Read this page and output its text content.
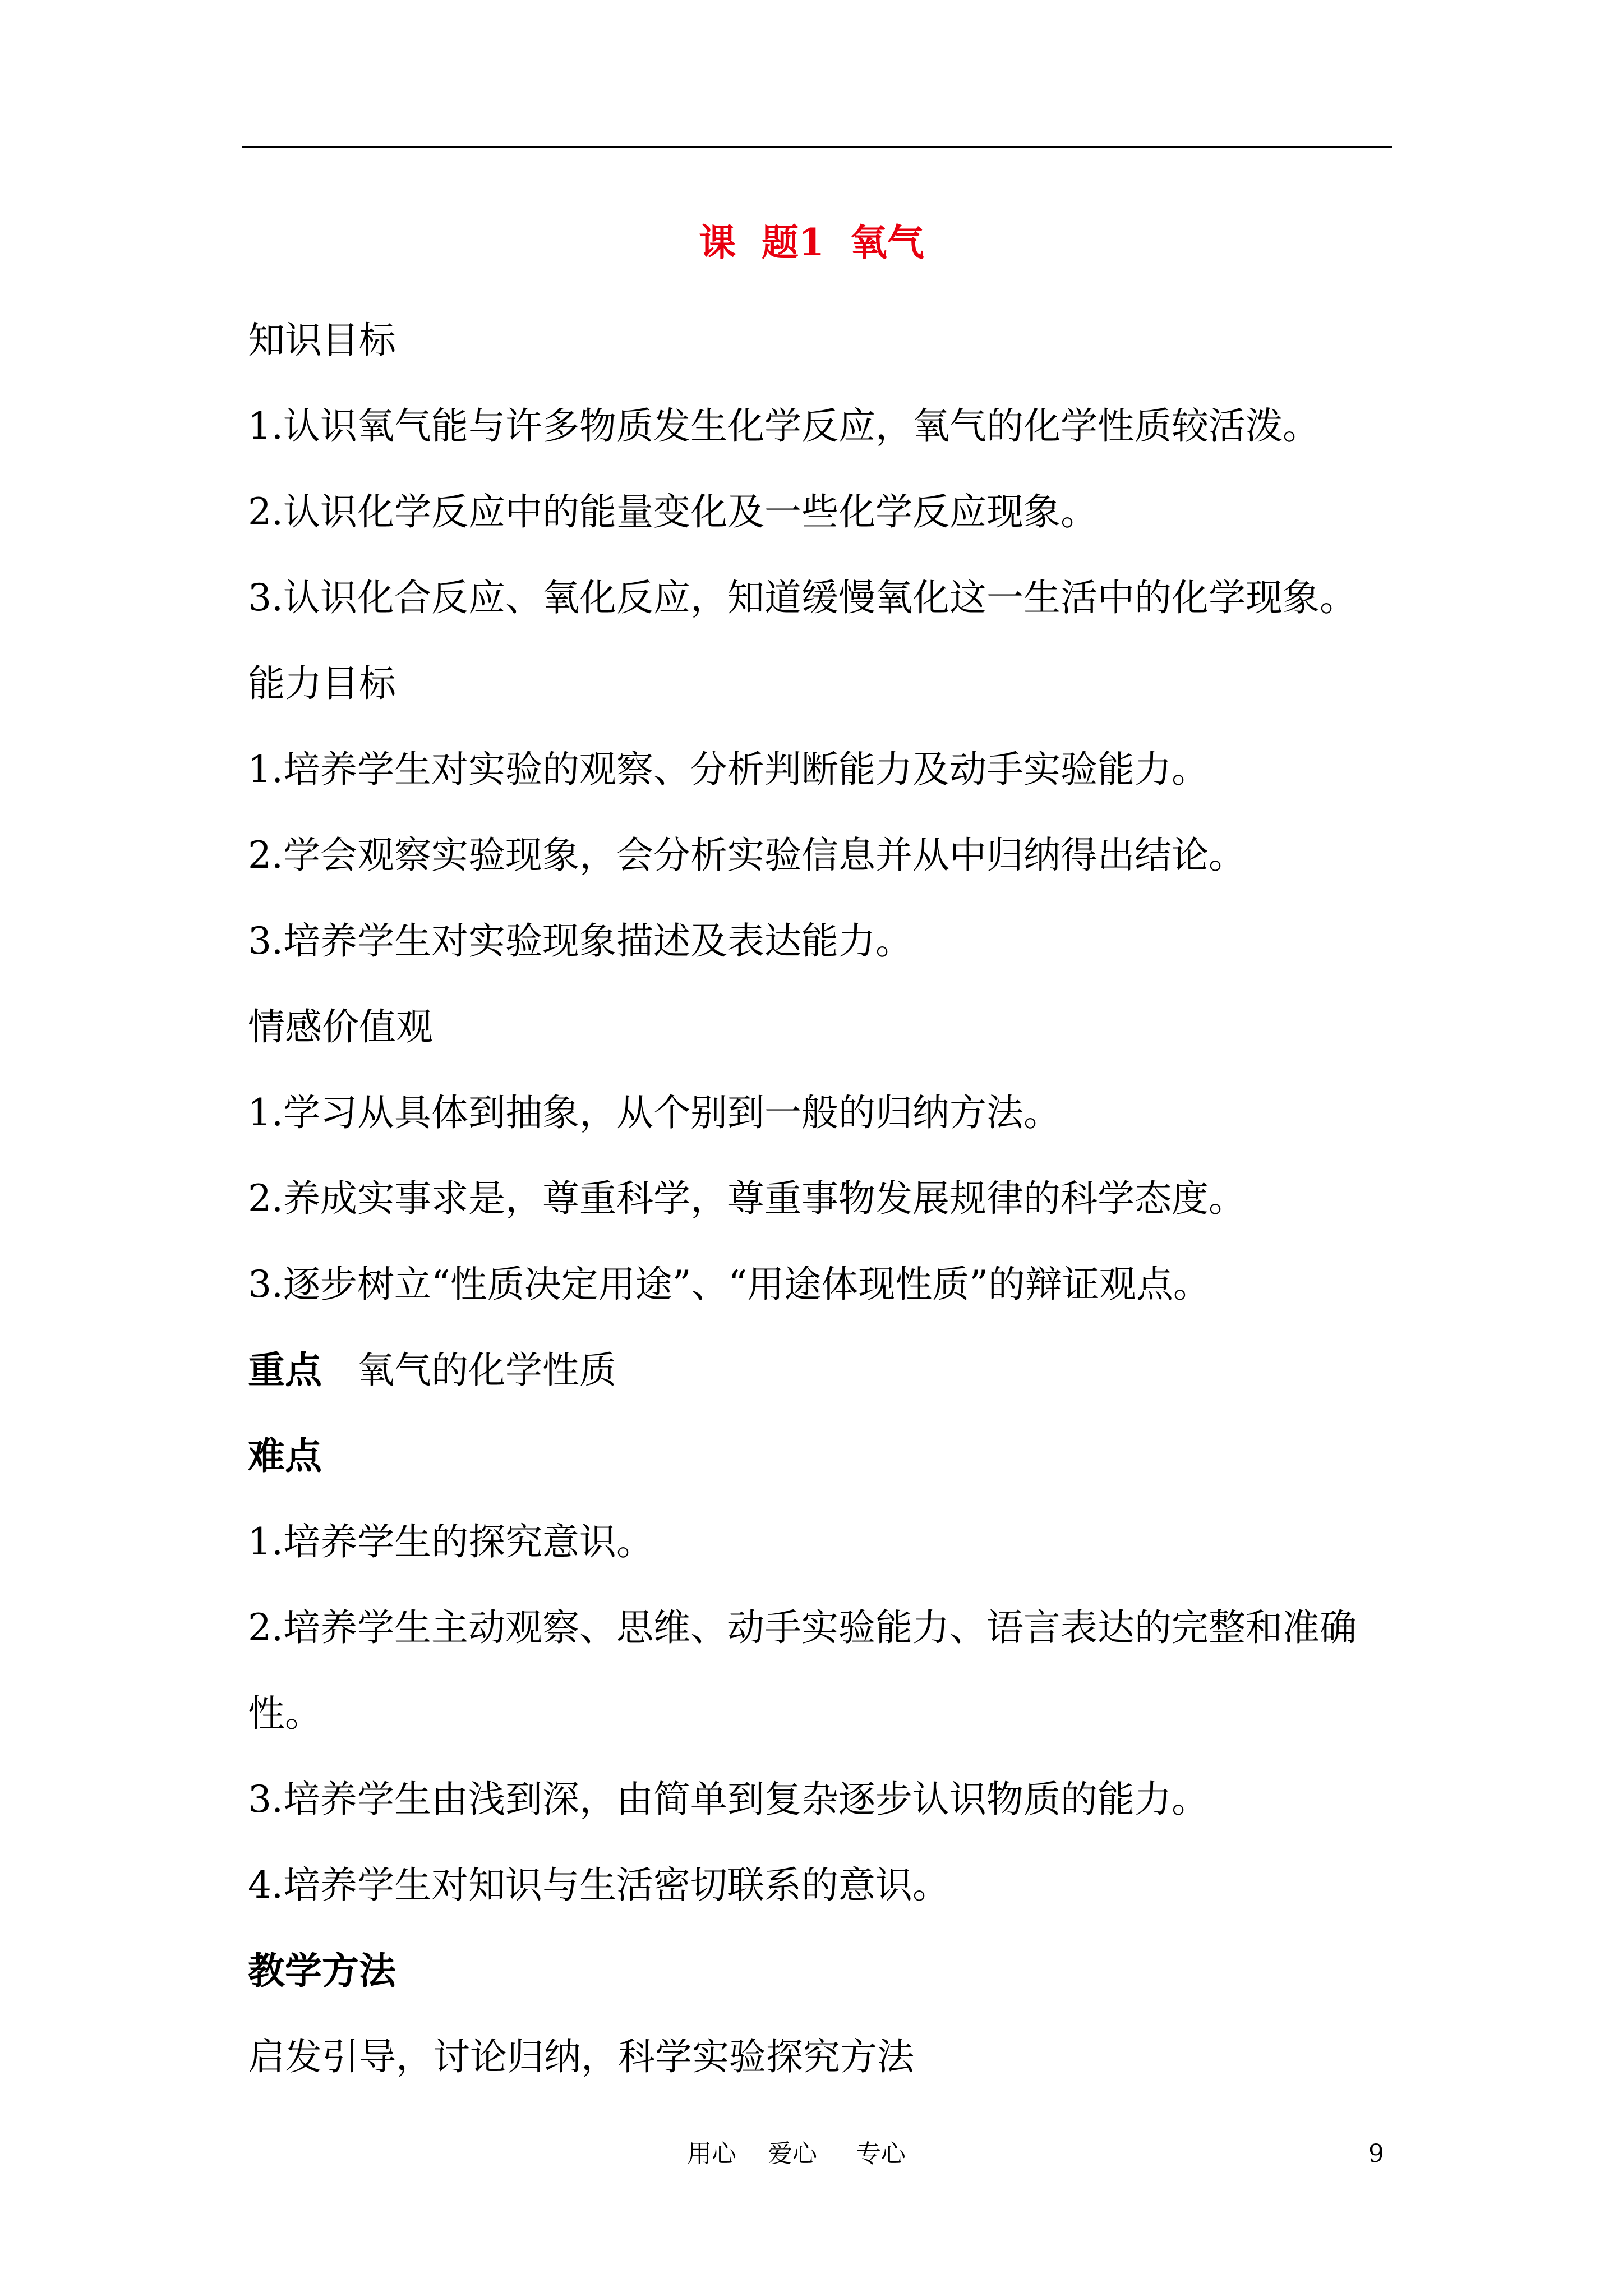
课  题1  氧气
知识目标
1.认识氧气能与许多物质发生化学反应，氧气的化学性质较活泼。
2.认识化学反应中的能量变化及一些化学反应现象。
3.认识化合反应、氧化反应，知道缓慢氧化这一生活中的化学现象。
能力目标
1.培养学生对实验的观察、分析判断能力及动手实验能力。
2.学会观察实验现象，会分析实验信息并从中归纳得出结论。
3.培养学生对实验现象描述及表达能力。
情感价值观
1.学习从具体到抽象，从个别到一般的归纳方法。
2.养成实事求是，尊重科学，尊重事物发展规律的科学态度。
3.逐步树立“性质决定用途”、“用途体现性质”的辩证观点。
重点 氧气的化学性质
难点
1.培养学生的探究意识。
2.培养学生主动观察、思维、动手实验能力、语言表达的完整和准确
性。
3.培养学生由浅到深，由简单到复杂逐步认识物质的能力。
4.培养学生对知识与生活密切联系的意识。
教学方法
启发引导，讨论归纳，科学实验探究方法
用心    爱心     专心	9
